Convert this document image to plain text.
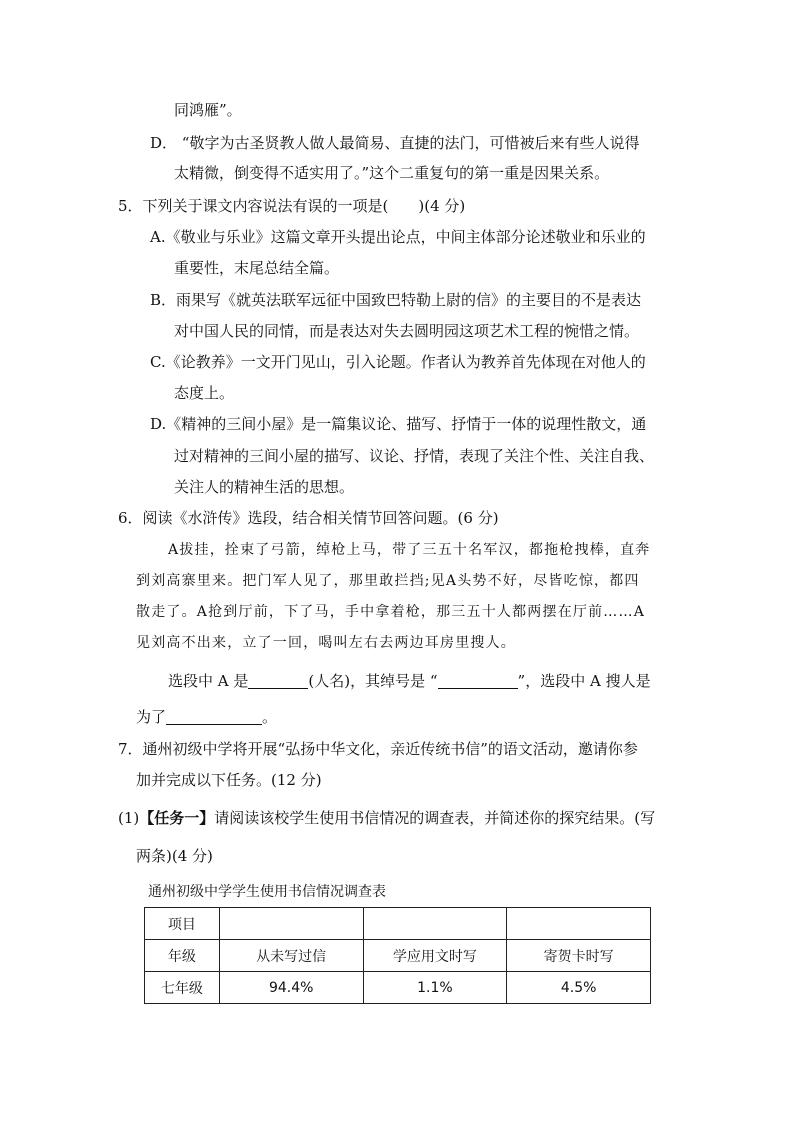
同鸿雁”。
D． “敬字为古圣贤教人做人最简易、直捷的法门，可惜被后来有些人说得
太精微，倒变得不适实用了。”这个二重复句的第一重是因果关系。
5．下列关于课文内容说法有误的一项是(　　)(4 分)
A.《敬业与乐业》这篇文章开头提出论点，中间主体部分论述敬业和乐业的
重要性，末尾总结全篇。
B．雨果写《就英法联军远征中国致巴特勒上尉的信》的主要目的不是表达
对中国人民的同情，而是表达对失去圆明园这项艺术工程的惋惜之情。
C.《论教养》一文开门见山，引入论题。作者认为教养首先体现在对他人的
态度上。
D.《精神的三间小屋》是一篇集议论、描写、抒情于一体的说理性散文，通
过对精神的三间小屋的描写、议论、抒情，表现了关注个性、关注自我、
关注人的精神生活的思想。
6．阅读《水浒传》选段，结合相关情节回答问题。(6 分)
A拔挂，拴束了弓箭，绰枪上马，带了三五十名军汉，都拖枪拽棒，直奔
到刘高寨里来。把门军人见了，那里敢拦挡;见A头势不好，尽皆吃惊，都四
散走了。A抢到厅前，下了马，手中拿着枪，那三五十人都两摆在厅前……A
见刘高不出来，立了一回，喝叫左右去两边耳房里搜人。
选段中 A 是	(人名)，其绰号是 “	”，选段中 A 搜人是
为了	。
7．通州初级中学将开展“弘扬中华文化，亲近传统书信”的语文活动，邀请你参
加并完成以下任务。(12 分)
(1)【任务一】请阅读该校学生使用书信情况的调查表，并简述你的探究结果。(写
两条)(4 分)
通州初级中学学生使用书信情况调查表
项目			
年级	从未写过信	学应用文时写	寄贺卡时写
七年级	94.4%	1.1%	4.5%
